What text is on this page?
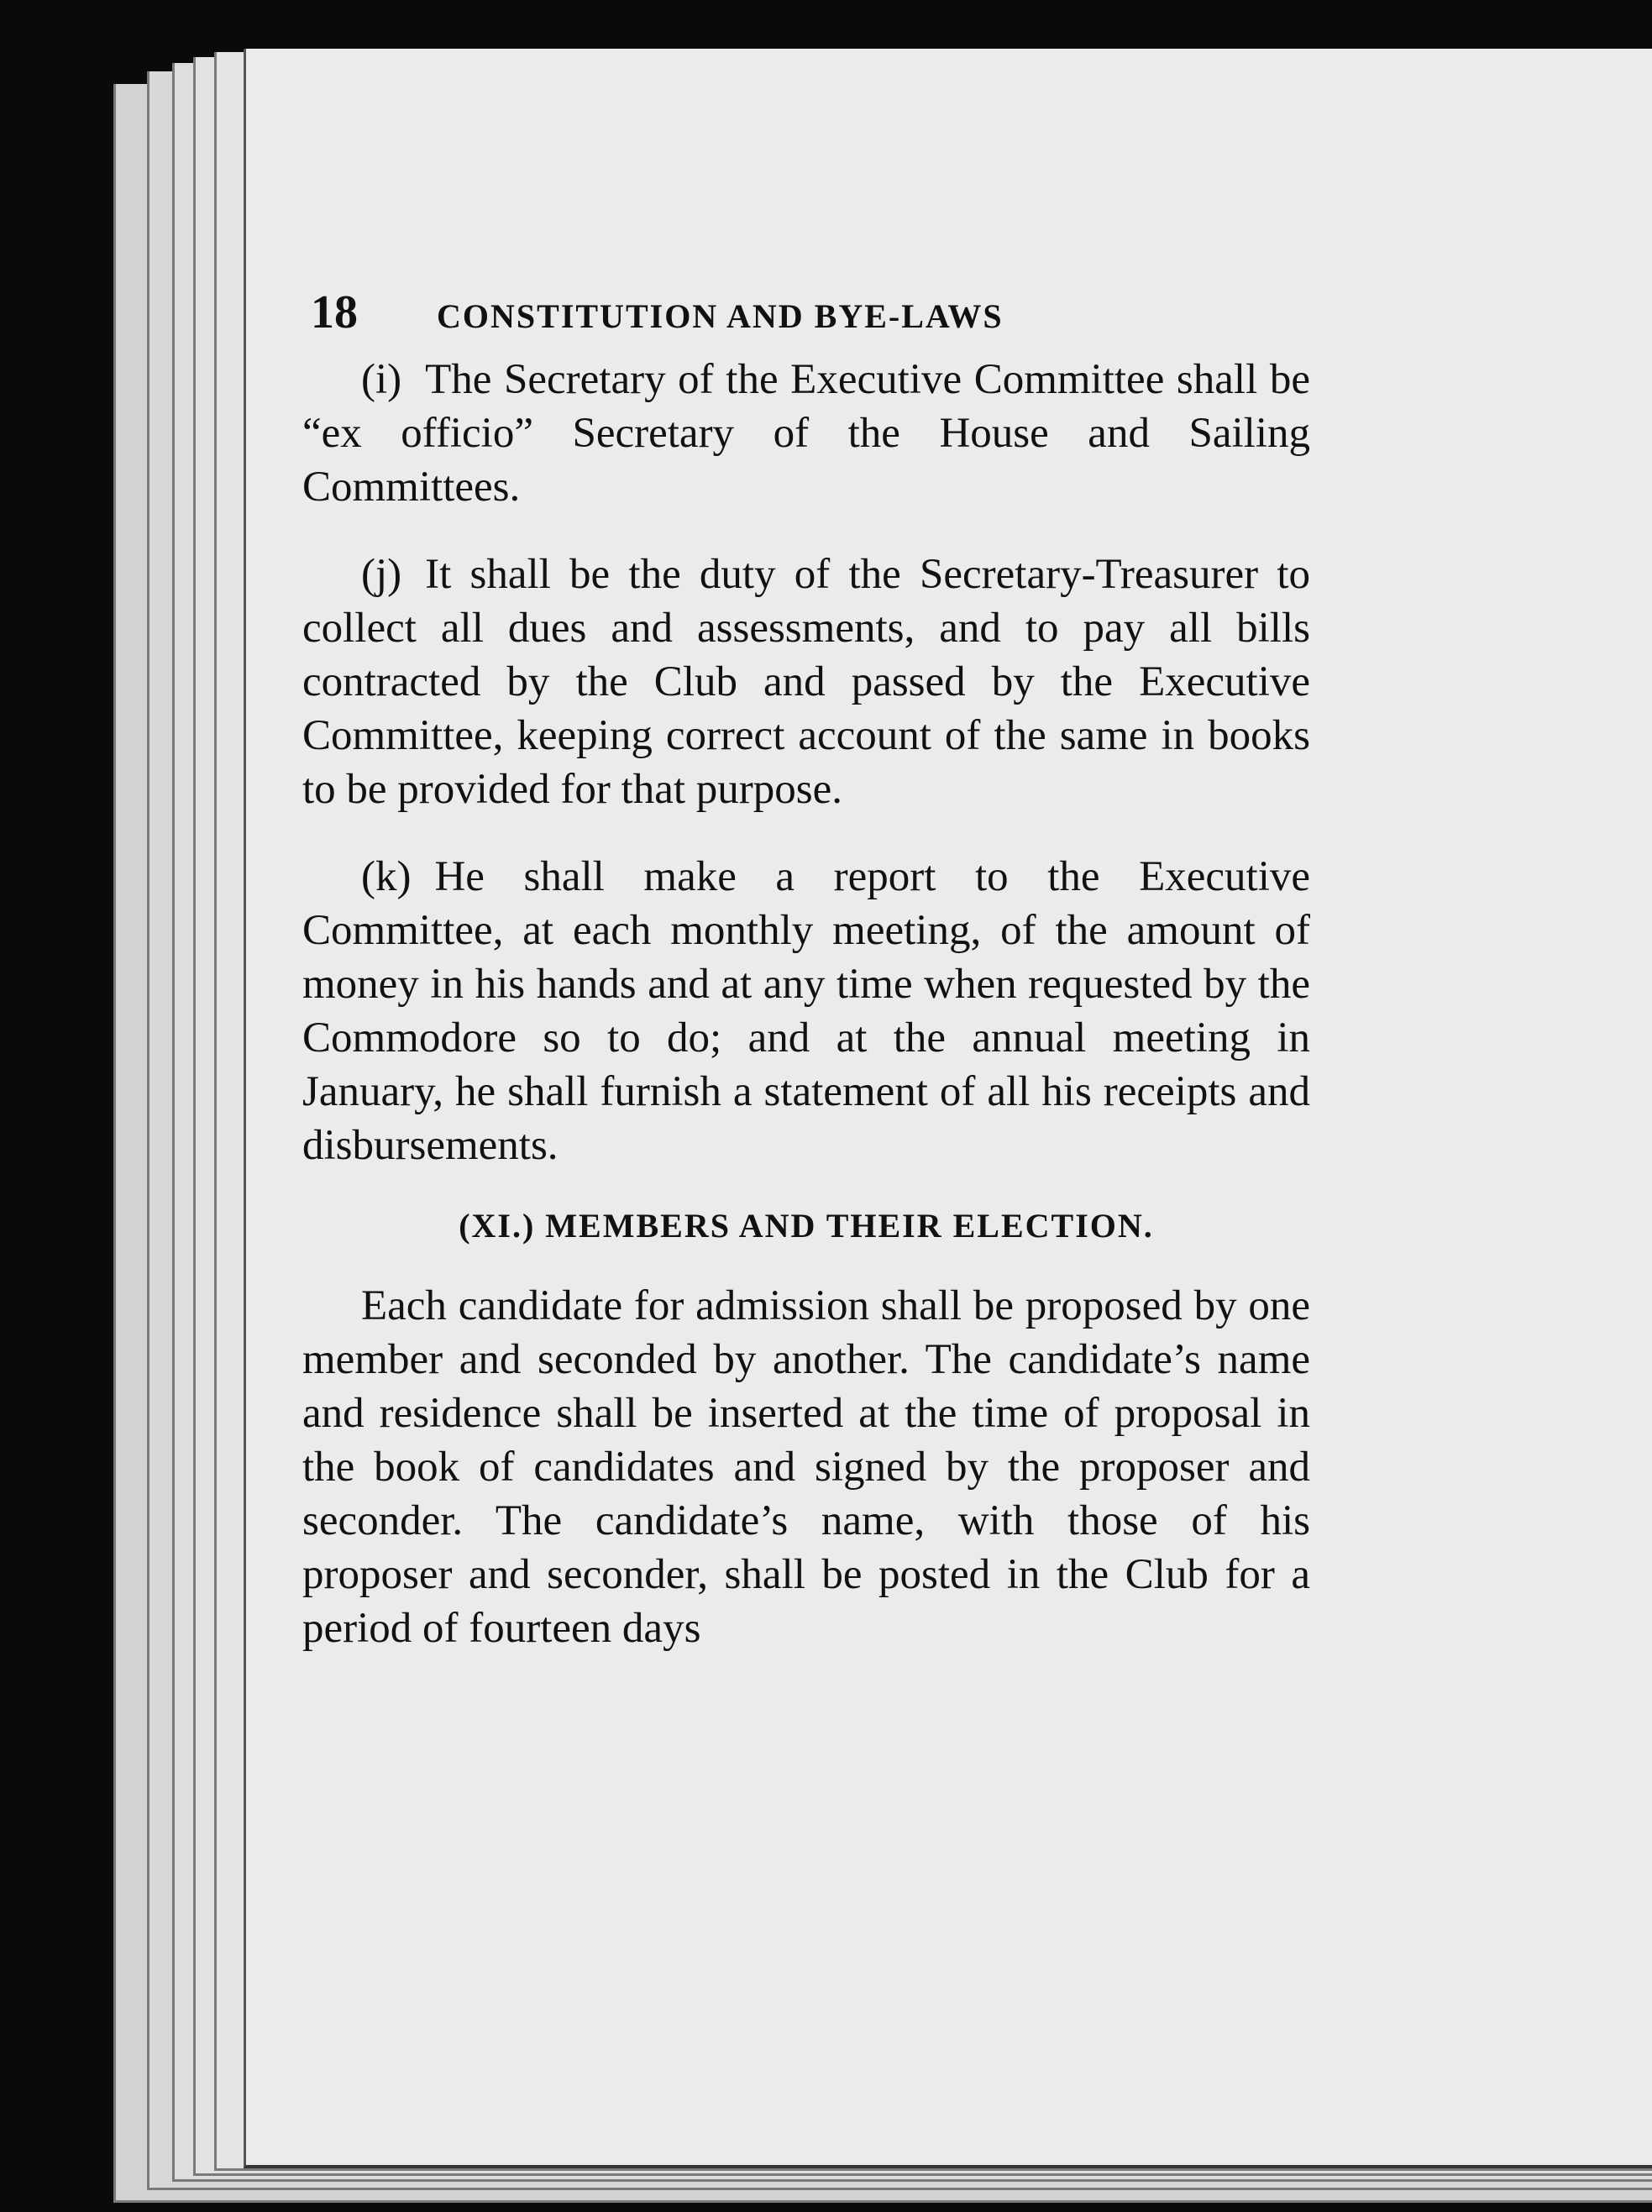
18	CONSTITUTION AND BYE-LAWS

(i) The Secretary of the Executive Committee shall be “ex officio” Secretary of the House and Sailing Committees.

(j) It shall be the duty of the Secretary-Treasurer to collect all dues and assessments, and to pay all bills contracted by the Club and passed by the Executive Committee, keeping correct account of the same in books to be provided for that purpose.

(k) He shall make a report to the Executive Committee, at each monthly meeting, of the amount of money in his hands and at any time when requested by the Commodore so to do; and at the annual meeting in January, he shall furnish a statement of all his receipts and disbursements.

(XI.) MEMBERS AND THEIR ELECTION.

Each candidate for admission shall be proposed by one member and seconded by another. The candidate’s name and residence shall be inserted at the time of proposal in the book of candidates and signed by the proposer and seconder. The candidate’s name, with those of his proposer and seconder, shall be posted in the Club for a period of fourteen days
